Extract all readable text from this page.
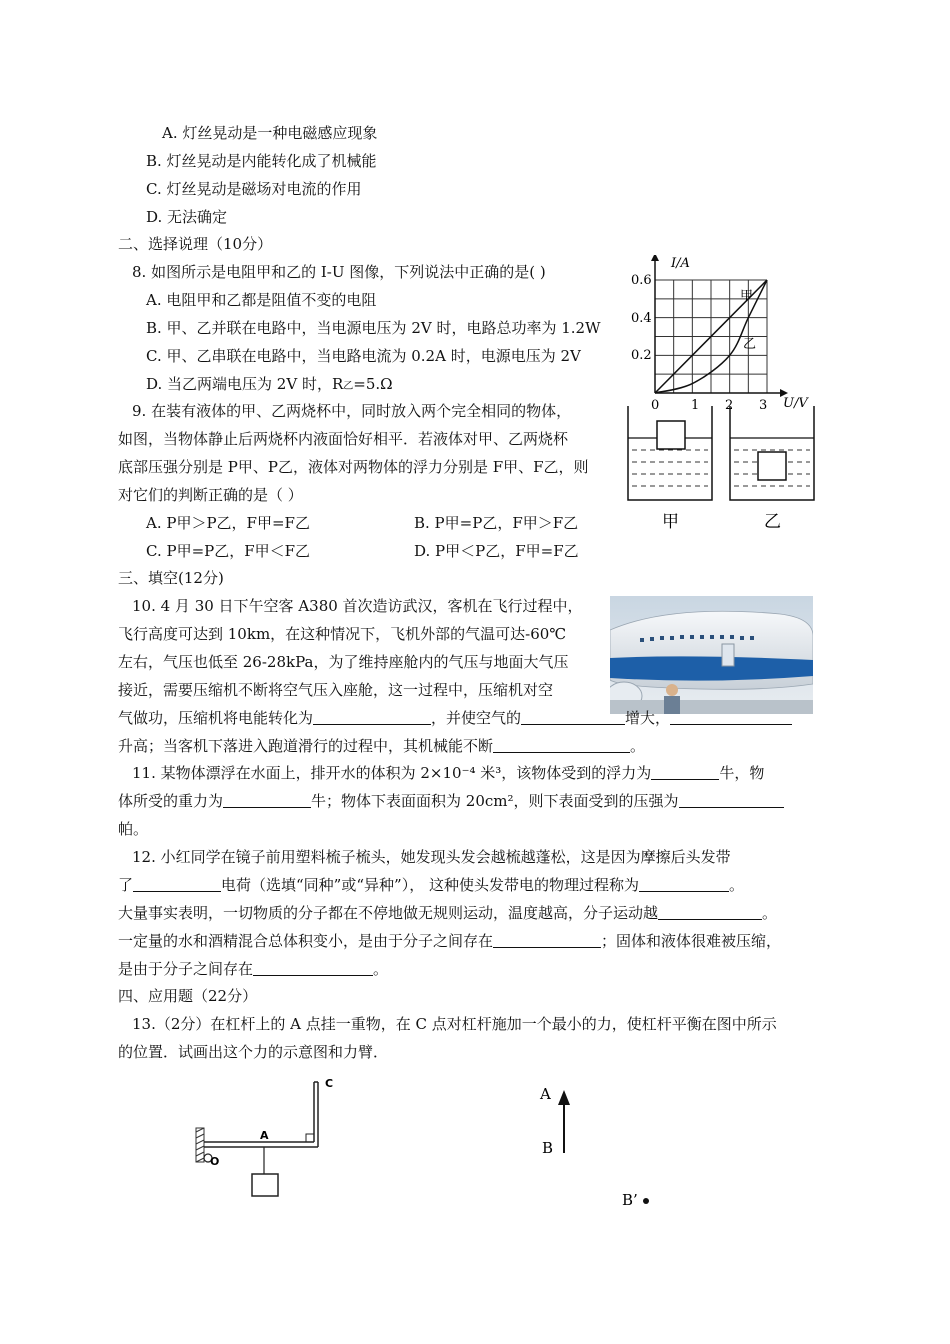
A. 灯丝晃动是一种电磁感应现象
B. 灯丝晃动是内能转化成了机械能
C. 灯丝晃动是磁场对电流的作用
D. 无法确定
二、选择说理（10分）
8. 如图所示是电阻甲和乙的 I-U 图像，下列说法中正确的是( )
A. 电阻甲和乙都是阻值不变的电阻
B. 甲、乙并联在电路中，当电源电压为 2V 时，电路总功率为 1.2W
C. 甲、乙串联在电路中，当电路电流为 0.2A 时，电源电压为 2V
D. 当乙两端电压为 2V 时，R乙=5.Ω
I/A
U/V
0.6
0.4
0.2
0 1 2 3
甲
乙
9. 在装有液体的甲、乙两烧杯中，同时放入两个完全相同的物体，
如图，当物体静止后两烧杯内液面恰好相平．若液体对甲、乙两烧杯
底部压强分别是 P甲、P乙，液体对两物体的浮力分别是 F甲、F乙，则
对它们的判断正确的是（ ）
A. P甲＞P乙，F甲=F乙	B. P甲=P乙，F甲＞F乙
C. P甲=P乙，F甲＜F乙	D. P甲＜P乙，F甲=F乙
甲	乙
三、填空(12分)
10. 4 月 30 日下午空客 A380 首次造访武汉，客机在飞行过程中，
飞行高度可达到 10km，在这种情况下，飞机外部的气温可达-60℃
左右，气压也低至 26-28kPa，为了维持座舱内的气压与地面大气压
接近，需要压缩机不断将空气压入座舱，这一过程中，压缩机对空
气做功，压缩机将电能转化为	，并使空气的	增大，
升高；当客机下落进入跑道滑行的过程中，其机械能不断	。
11. 某物体漂浮在水面上，排开水的体积为 2×10⁻⁴ 米³，该物体受到的浮力为	牛，物
体所受的重力为	牛；物体下表面面积为 20cm²，则下表面受到的压强为
帕。
12. 小红同学在镜子前用塑料梳子梳头，她发现头发会越梳越蓬松，这是因为摩擦后头发带
了	电荷（选填“同种”或“异种”）， 这种使头发带电的物理过程称为	。
大量事实表明，一切物质的分子都在不停地做无规则运动，温度越高，分子运动越	。
一定量的水和酒精混合总体积变小，是由于分子之间存在	；固体和液体很难被压缩，
是由于分子之间存在	。
四、应用题（22分）
13.（2分）在杠杆上的 A 点挂一重物，在 C 点对杠杆施加一个最小的力，使杠杆平衡在图中所示
的位置．试画出这个力的示意图和力臂．
C
A
O
A
B
B’
